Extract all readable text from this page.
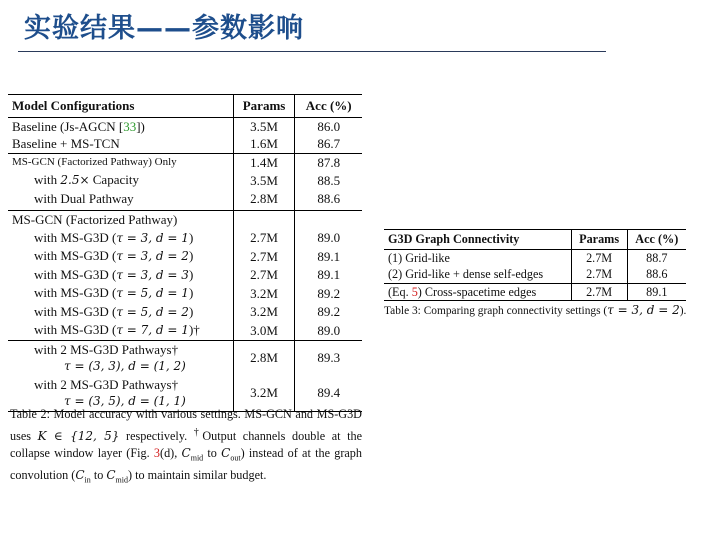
实验结果——参数影响
Model Configurations	Params	Acc (%)
Baseline (Js-AGCN [33])	3.5M	86.0
Baseline + MS-TCN	1.6M	86.7
MS-GCN (Factorized Pathway) Only	1.4M	87.8
with 2.5× Capacity	3.5M	88.5
with Dual Pathway	2.8M	88.6

MS-GCN (Factorized Pathway)		
with MS-G3D (τ = 3, d = 1)	2.7M	89.0
with MS-G3D (τ = 3, d = 2)	2.7M	89.1
with MS-G3D (τ = 3, d = 3)	2.7M	89.1
with MS-G3D (τ = 5, d = 1)	3.2M	89.2
with MS-G3D (τ = 5, d = 2)	3.2M	89.2
with MS-G3D (τ = 7, d = 1)†	3.0M	89.0

with 2 MS-G3D Pathways†
τ = (3, 3), d = (1, 2)	2.8M	89.3

with 2 MS-G3D Pathways†
τ = (3, 5), d = (1, 1)	3.2M	89.4
Table 2: Model accuracy with various settings. MS-GCN and MS-G3D uses K ∈ {12, 5} respectively. †Output channels double at the collapse window layer (Fig. 3(d), $C_{mid}$ to $C_{out}$) instead of at the graph convolution ($C_{in}$ to $C_{mid}$) to maintain similar budget.
G3D Graph Connectivity	Params	Acc (%)
(1) Grid-like	2.7M	88.7
(2) Grid-like + dense self-edges	2.7M	88.6
(Eq. 5) Cross-spacetime edges	2.7M	89.1
Table 3: Comparing graph connectivity settings (τ = 3, d = 2).
